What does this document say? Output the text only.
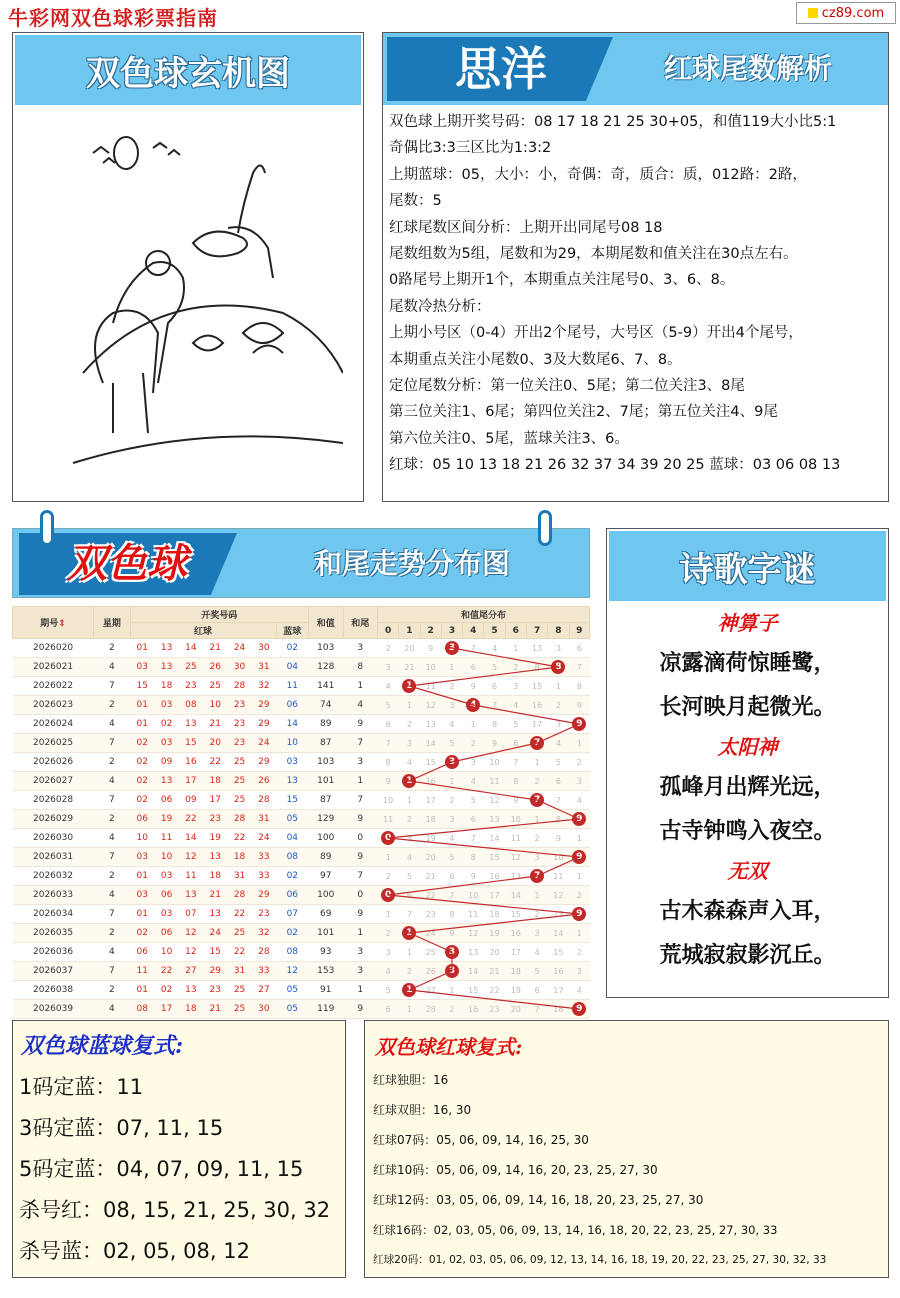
牛彩网双色球彩票指南	cz89.com
双色球玄机图	思洋	红球尾数解析

双色球上期开奖号码：08 17 18 21 25 30+05，和值119大小比5:1

奇偶比3:3三区比为1:3:2

上期蓝球：05，大小：小，奇偶：奇，质合：质，012路：2路，

尾数：5

红球尾数区间分析：上期开出同尾号08 18

尾数组数为5组，尾数和为29，本期尾数和值关注在30点左右。

0路尾号上期开1个，本期重点关注尾号0、3、6、8。

尾数冷热分析：

上期小号区（0-4）开出2个尾号，大号区（5-9）开出4个尾号，

本期重点关注小尾数0、3及大数尾6、7、8。

定位尾数分析：第一位关注0、5尾；第二位关注3、8尾

第三位关注1、6尾；第四位关注2、7尾；第五位关注4、9尾

第六位关注0、5尾，蓝球关注3、6。

红球：05 10 13 18 21 26 32 37 34 39 20 25 蓝球：03 06 08 13

双色球	和尾走势分布图
期号⇕	星期	开奖号码							和值	和尾	和值尾分布									
		红球						蓝球			0	1	2	3	4	5	6	7	8	9
2026020	2	01	13	14	21	24	30	02	103	3	2	20	9	3	7	4	1	13	3	6
2026021	4	03	13	25	26	30	31	04	128	8	3	21	10	1	6	5	2	8	8	7
2026022	7	15	18	23	25	28	32	11	141	1	4	1	11	2	9	6	3	15	1	8
2026023	2	01	03	08	10	23	29	06	74	4	5	1	12	3	4	7	4	16	2	9
2026024	4	01	02	13	21	23	29	14	89	9	6	2	13	4	1	8	5	17	3	9
2026025	7	02	03	15	20	23	24	10	87	7	7	3	14	5	2	9	6	7	4	1
2026026	2	02	09	16	22	25	29	03	103	3	8	4	15	3	3	10	7	1	5	2
2026027	4	02	13	17	18	25	26	13	101	1	9	1	16	1	4	11	8	2	6	3
2026028	7	02	06	09	17	25	28	15	87	7	10	1	17	2	5	12	9	7	7	4
2026029	2	06	19	22	23	28	31	05	129	9	11	2	18	3	6	13	10	1	8	9
2026030	4	10	11	14	19	22	24	04	100	0	0	3	19	4	7	14	11	2	9	1
2026031	7	03	10	12	13	18	33	08	89	9	1	4	20	5	8	15	12	3	10	9
2026032	2	01	03	11	18	31	33	02	97	7	2	5	21	6	9	16	13	7	11	1
2026033	4	03	06	13	21	28	29	06	100	0	0	6	22	7	10	17	14	1	12	2
2026034	7	01	03	07	13	22	23	07	69	9	1	7	23	8	11	18	15	2	13	9
2026035	2	02	06	12	24	25	32	02	101	1	2	1	24	9	12	19	16	3	14	1
2026036	4	06	10	12	15	22	28	08	93	3	3	1	25	3	13	20	17	4	15	2
2026037	7	11	22	27	29	31	33	12	153	3	4	2	26	3	14	21	18	5	16	3
2026038	2	01	02	13	23	25	27	05	91	1	5	1	27	1	15	22	19	6	17	4
2026039	4	08	17	18	21	25	30	05	119	9	6	1	28	2	16	23	20	7	18	9
诗歌字谜
神算子
凉露滴荷惊睡鹭，
长河映月起微光。
太阳神
孤峰月出辉光远，
古寺钟鸣入夜空。
无双
古木森森声入耳，
荒城寂寂影沉丘。
双色球蓝球复式:

1码定蓝：11

3码定蓝：07, 11, 15

5码定蓝：04, 07, 09, 11, 15

杀号红：08, 15, 21, 25, 30, 32

杀号蓝：02, 05, 08, 12

双色球红球复式:

红球独胆：16

红球双胆：16, 30

红球07码：05, 06, 09, 14, 16, 25, 30

红球10码：05, 06, 09, 14, 16, 20, 23, 25, 27, 30

红球12码：03, 05, 06, 09, 14, 16, 18, 20, 23, 25, 27, 30

红球16码：02, 03, 05, 06, 09, 13, 14, 16, 18, 20, 22, 23, 25, 27, 30, 33

红球20码：01, 02, 03, 05, 06, 09, 12, 13, 14, 16, 18, 19, 20, 22, 23, 25, 27, 30, 32, 33
